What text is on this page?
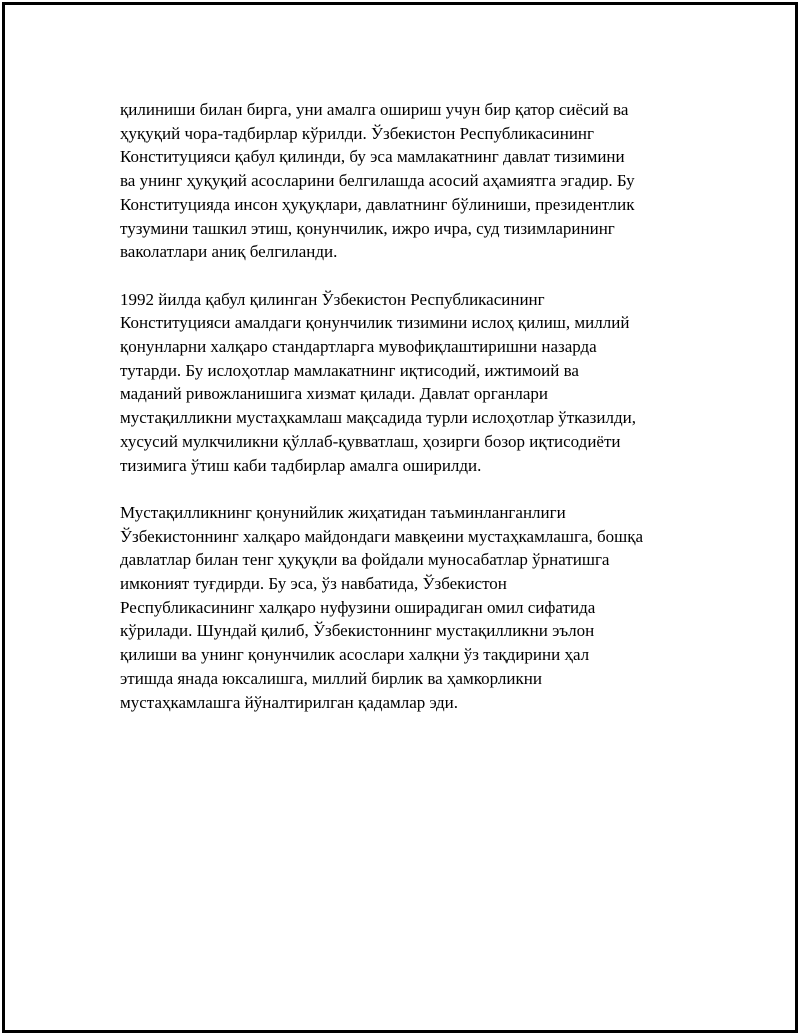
қилиниши билан бирга, уни амалга ошириш учун бир қатор сиёсий ва
ҳуқуқий чора-тадбирлар кўрилди. Ўзбекистон Республикасининг
Конституцияси қабул қилинди, бу эса мамлакатнинг давлат тизимини
ва унинг ҳуқуқий асосларини белгилашда асосий аҳамиятга эгадир. Бу
Конституцияда инсон ҳуқуқлари, давлатнинг бўлиниши, президентлик
тузумини ташкил этиш, қонунчилик, ижро ичра, суд тизимларининг
ваколатлари аниқ белгиланди.

1992 йилда қабул қилинган Ўзбекистон Республикасининг
Конституцияси амалдаги қонунчилик тизимини ислоҳ қилиш, миллий
қонунларни халқаро стандартларга мувофиқлаштиришни назарда
тутарди. Бу ислоҳотлар мамлакатнинг иқтисодий, ижтимоий ва
маданий ривожланишига хизмат қилади. Давлат органлари
мустақилликни мустаҳкамлаш мақсадида турли ислоҳотлар ўтказилди,
хусусий мулкчиликни қўллаб-қувватлаш, ҳозирги бозор иқтисодиёти
тизимига ўтиш каби тадбирлар амалга оширилди.

Мустақилликнинг қонунийлик жиҳатидан таъминланганлиги
Ўзбекистоннинг халқаро майдондаги мавқеини мустаҳкамлашга, бошқа
давлатлар билан тенг ҳуқуқли ва фойдали муносабатлар ўрнатишга
имконият туғдирди. Бу эса, ўз навбатида, Ўзбекистон
Республикасининг халқаро нуфузини оширадиган омил сифатида
кўрилади. Шундай қилиб, Ўзбекистоннинг мустақилликни эълон
қилиши ва унинг қонунчилик асослари халқни ўз тақдирини ҳал
этишда янада юксалишга, миллий бирлик ва ҳамкорликни
мустаҳкамлашга йўналтирилган қадамлар эди.
